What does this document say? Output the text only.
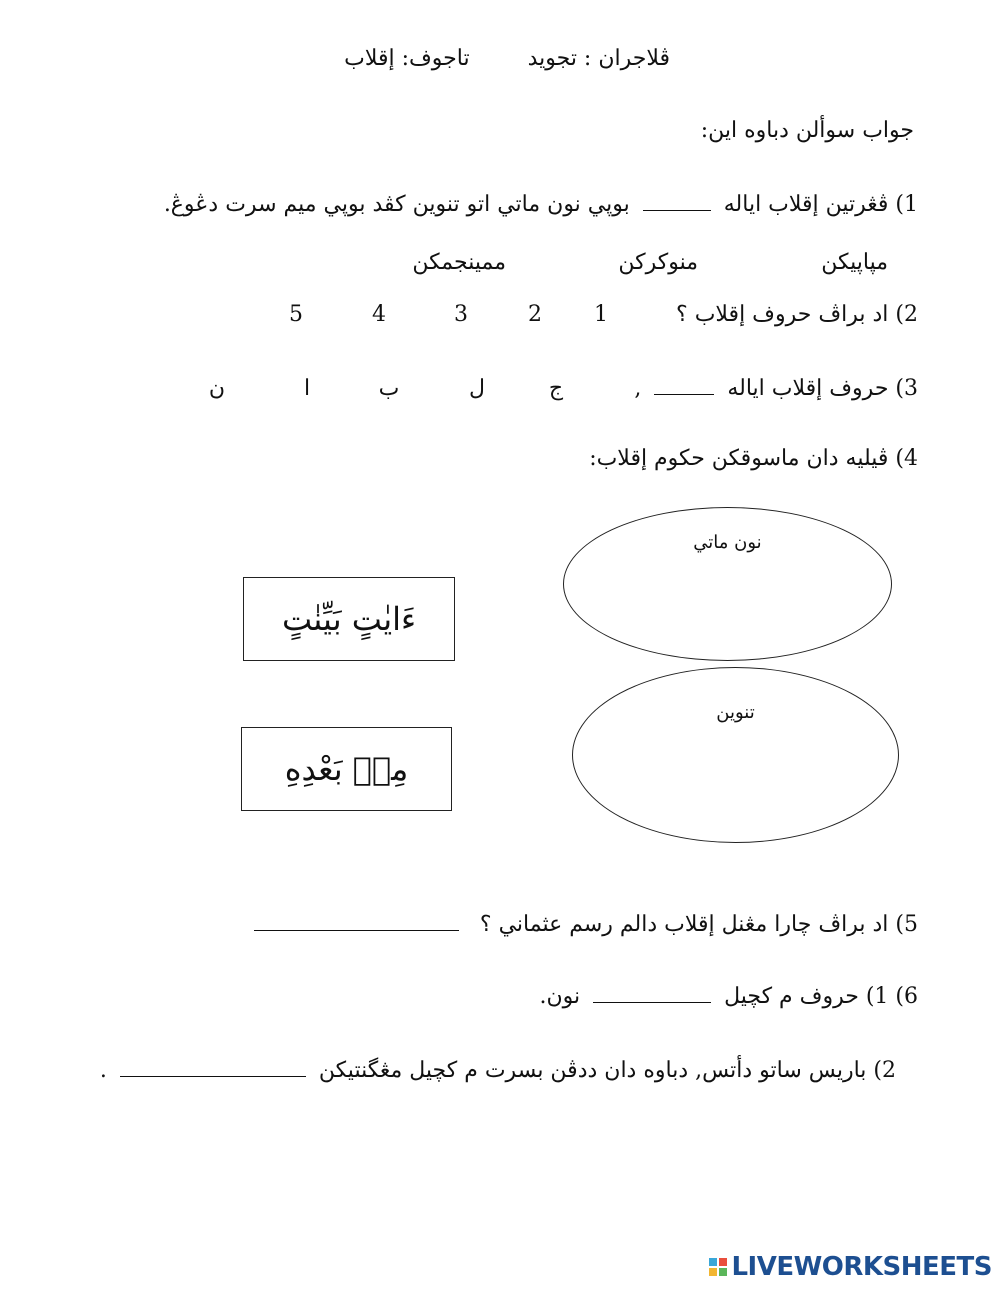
ڤلاجران : تجويد  تاجوف: إقلاب
جواب سوألن دباوه اين:
1) ڤڠرتين إقلاب اياله  بوپي نون ماتي اتو تنوين كڤد بوپي ميم سرت دڠوڠ.
مپاپيكن
منوكركن
ممينجمكن
2) اد براڤ حروف إقلاب ؟
1
2
3
4
5
3) حروف إقلاب اياله  ,
ج
ل
ب
ا
ن
4) ڤيليه دان ماسوقكن حكوم إقلاب:
ءَايٰتٍ بَيِّنٰتٍ
مِنۢ بَعْدِهِ
نون ماتي
تنوين
5) اد براڤ چارا مڠنل إقلاب دالم رسم عثماني ؟
6) 1) حروف م كچيل  نون.
2) باريس ساتو دأتس, دباوه دان ددڤن بسرت م كچيل مڠگنتيكن  .
LIVEWORKSHEETS
